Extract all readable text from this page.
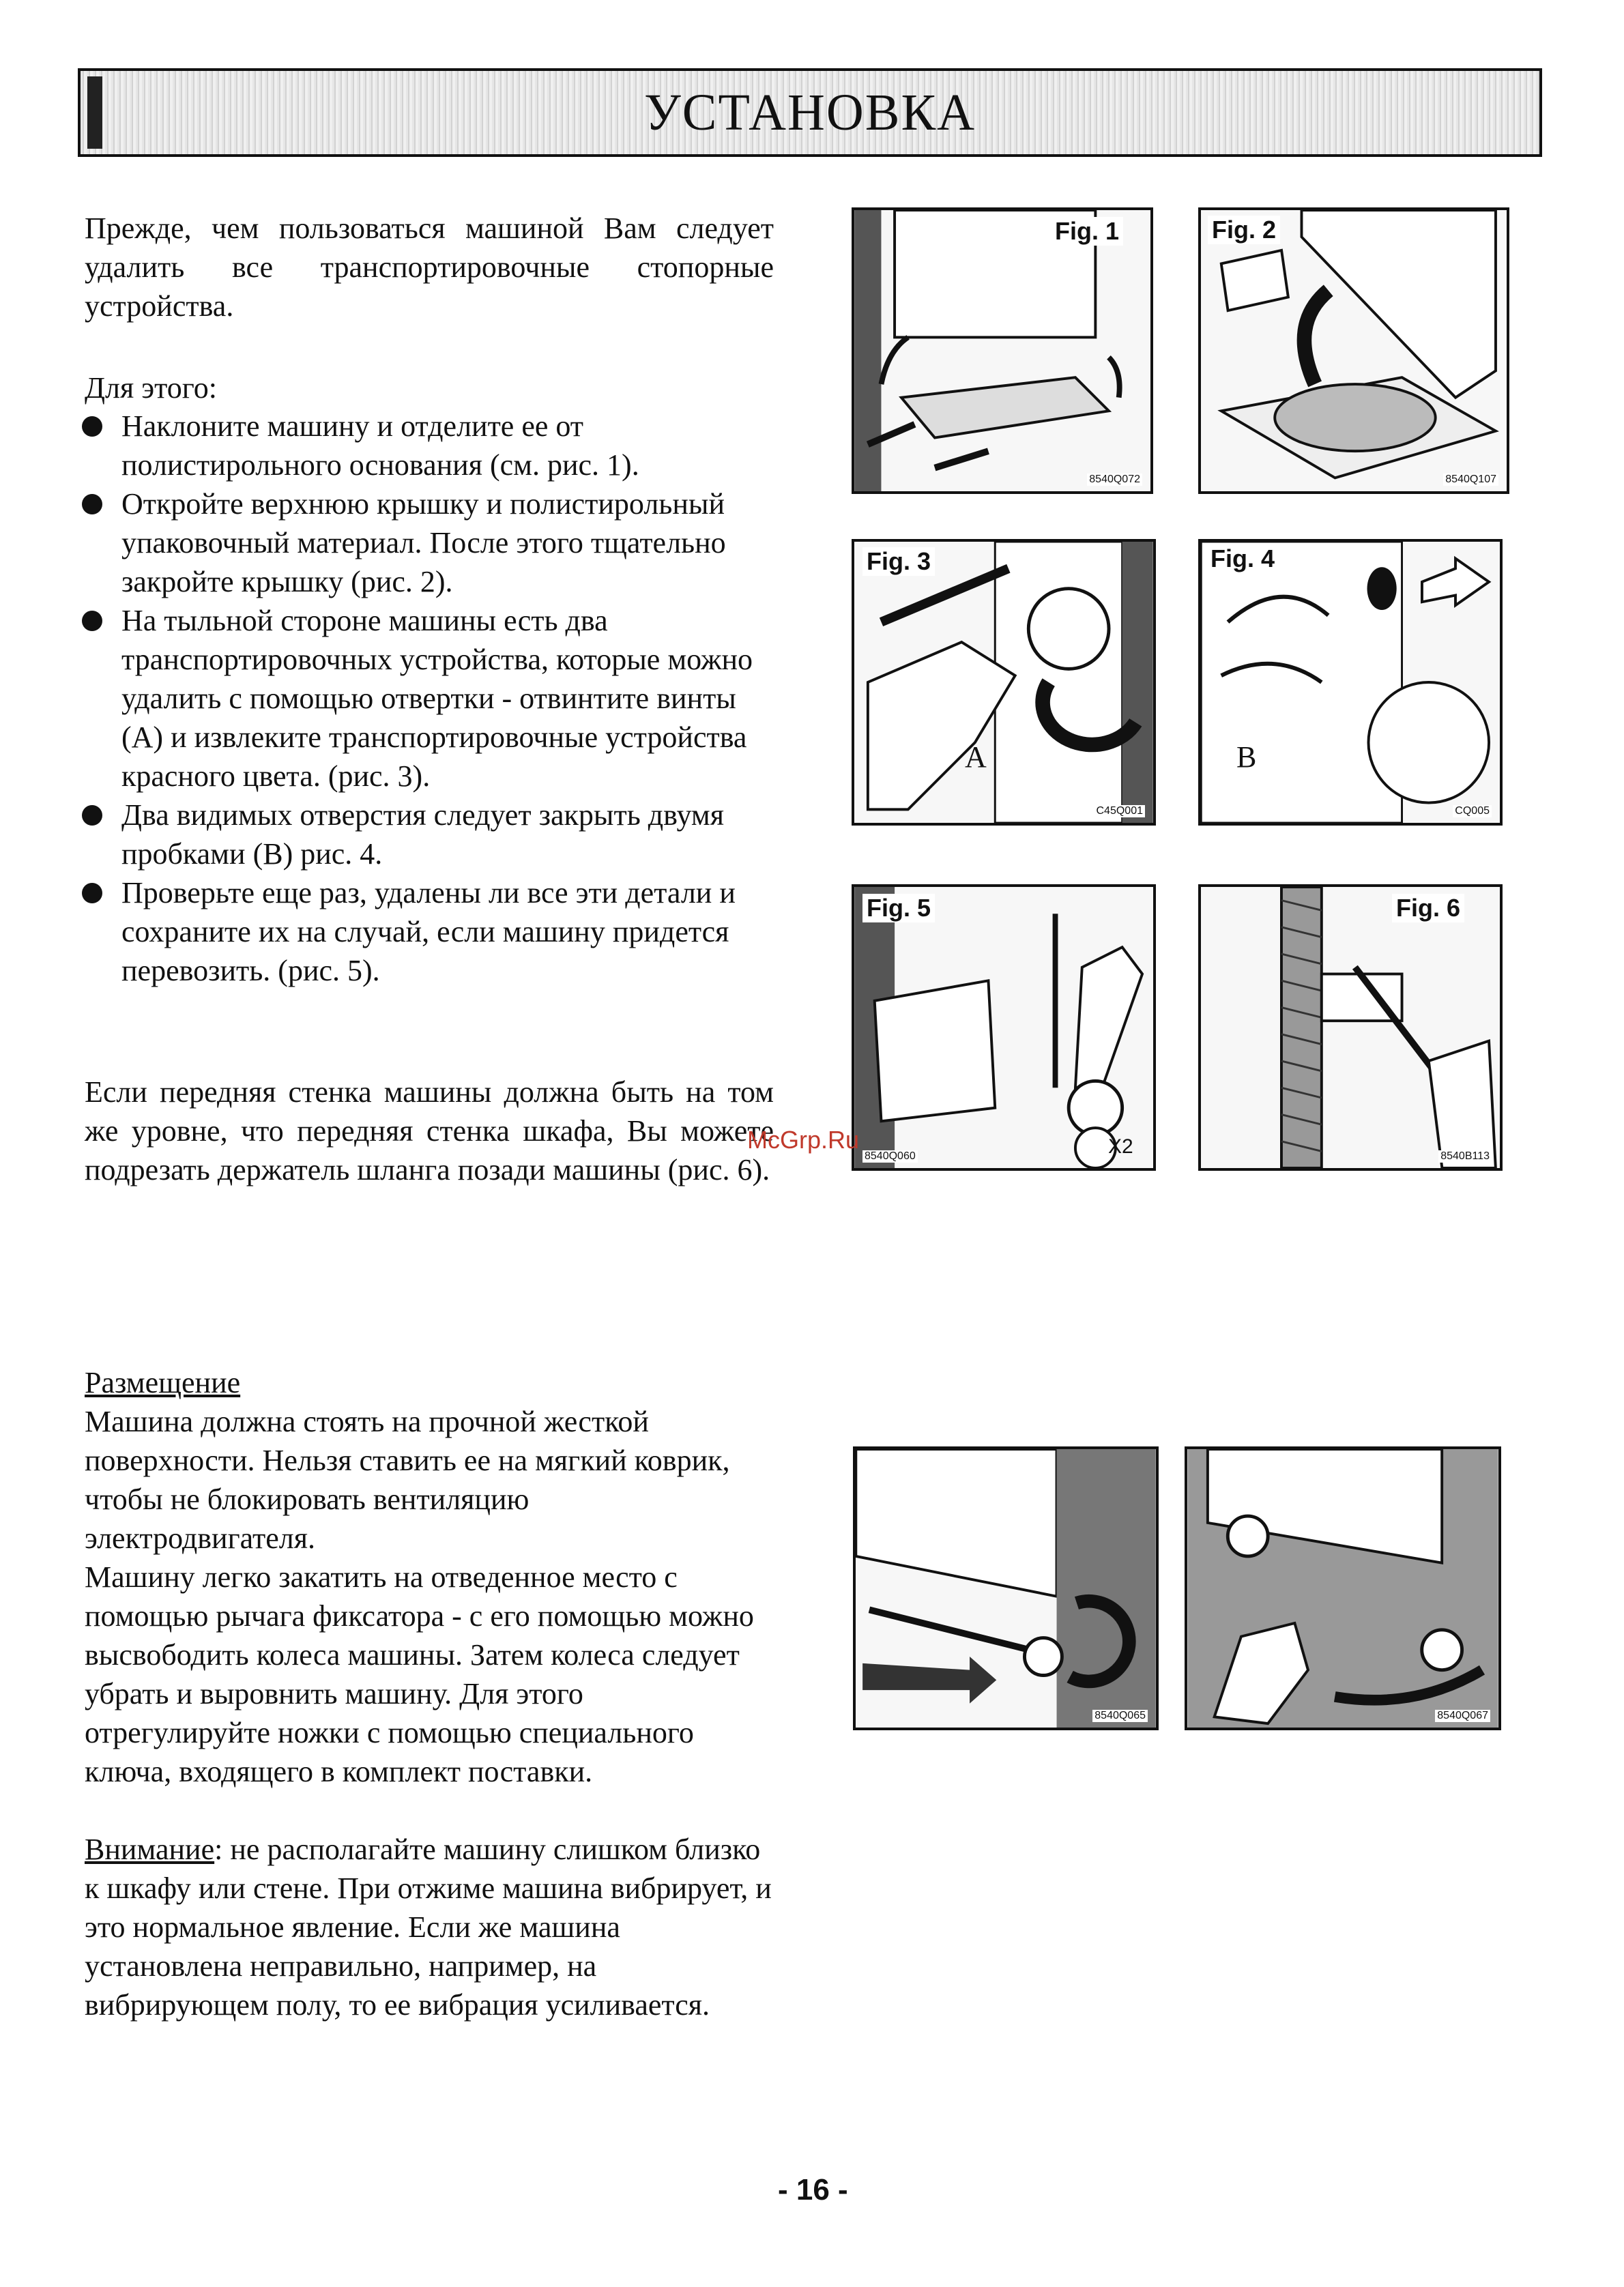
УСТАНОВКА
Прежде, чем пользоваться машиной Вам следует удалить все транспортировочные стопорные устройства.
Для этого:
Наклоните машину и отделите ее от полистирольного основания (см. рис. 1).
Откройте верхнюю крышку и полистирольный упаковочный материал. После этого тщательно закройте крышку (рис. 2).
На тыльной стороне машины есть два транспортировочных устройства, которые можно удалить с помощью отвертки - отвинтите винты (А) и извлеките транспортировочные устройства красного цвета. (рис. 3).
Два видимых отверстия следует закрыть двумя пробками (В) рис. 4.
Проверьте еще раз, удалены ли все эти детали и сохраните их на случай, если машину придется перевозить. (рис. 5).
Если передняя стенка машины должна быть на том же уровне, что передняя стенка шкафа, Вы можете подрезать держатель шланга позади машины (рис. 6).
Размещение
Машина должна стоять на прочной жесткой поверхности. Нельзя ставить ее на мягкий коврик, чтобы не блокировать вентиляцию электродвигателя.
Машину легко закатить на отведенное место с помощью рычага фиксатора - с его помощью можно высвободить колеса машины. Затем колеса следует убрать и выровнить машину. Для этого отрегулируйте ножки с помощью специального ключа, входящего в комплект поставки.
Внимание: не располагайте машину слишком близко к шкафу или стене. При отжиме машина вибрирует, и это нормальное явление. Если же машина установлена неправильно, например, на вибрирующем полу, то ее вибрация усиливается.
Fig. 1
8540Q072
Fig. 2
8540Q107
Fig. 3
A
C45Q001
Fig. 4
B
CQ005
Fig. 5
X2
8540Q060
Fig. 6
8540B113
8540Q065	8540Q067
McGrp.Ru
- 16 -
